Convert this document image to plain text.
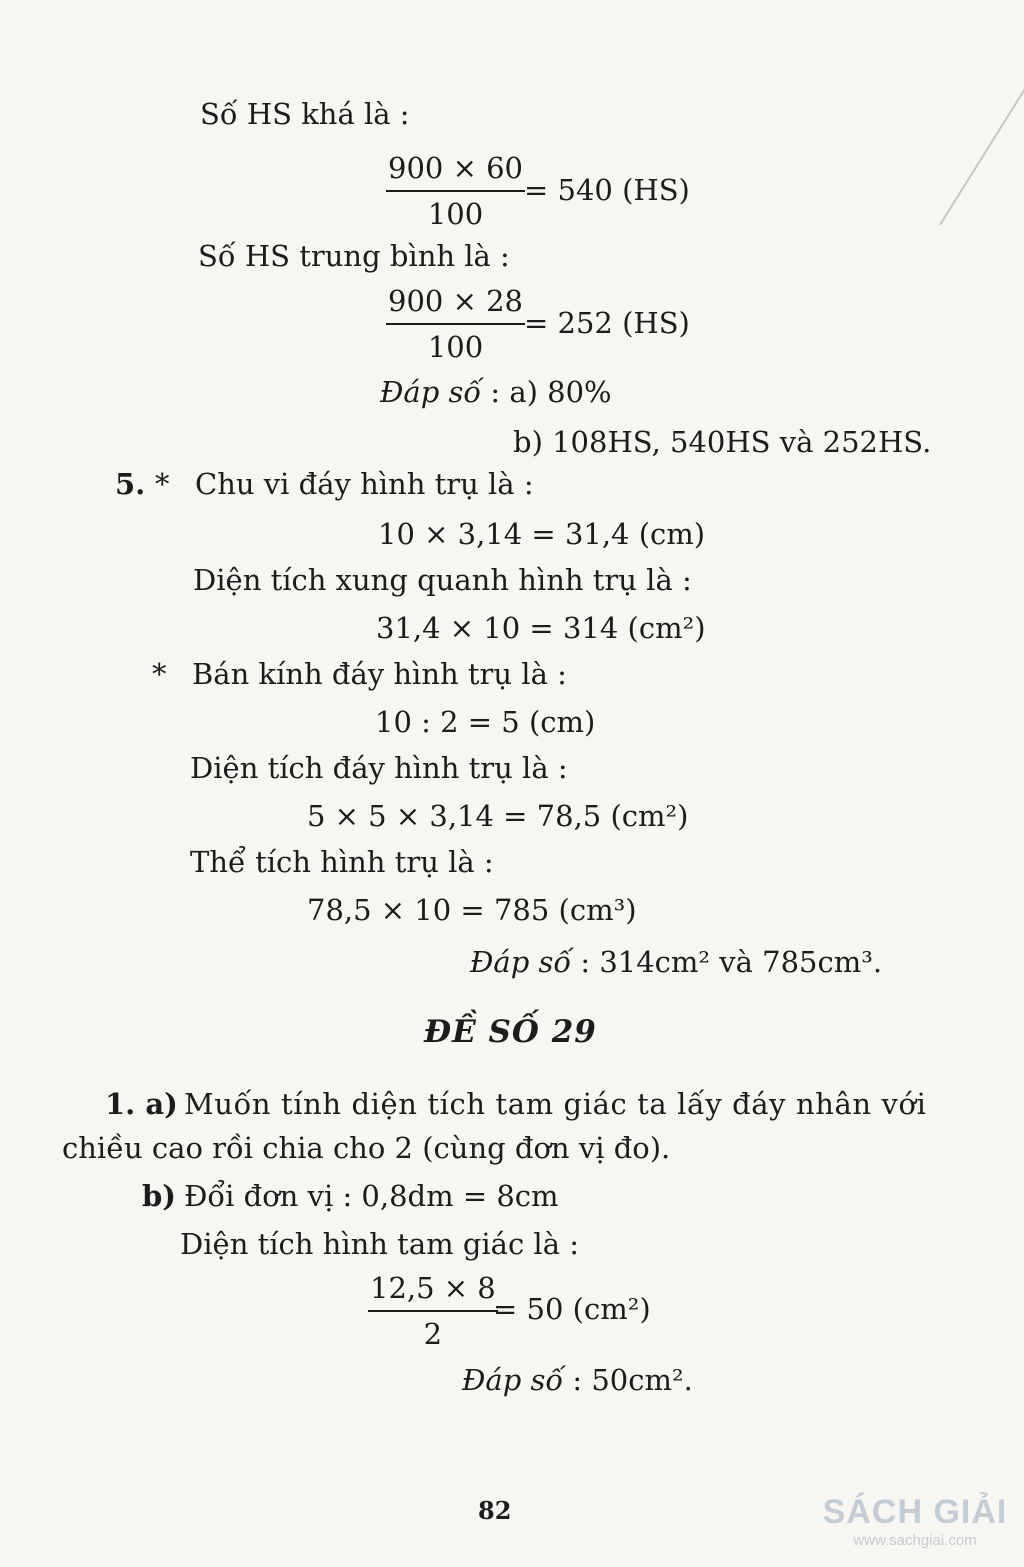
Số HS khá là :
$\frac{900 \times 60}{100} = 540$ (HS)
Số HS trung bình là :
$\frac{900 \times 28}{100} = 252$ (HS)
Đáp số : a) 80%
b) 108HS, 540HS và 252HS.
5. * Chu vi đáy hình trụ là :
10 × 3,14 = 31,4 (cm)
Diện tích xung quanh hình trụ là :
31,4 × 10 = 314 (cm²)
* Bán kính đáy hình trụ là :
10 : 2 = 5 (cm)
Diện tích đáy hình trụ là :
5 × 5 × 3,14 = 78,5 (cm²)
Thể tích hình trụ là :
78,5 × 10 = 785 (cm³)
Đáp số : 314cm² và 785cm³.
ĐỀ SỐ 29
1. a) Muốn tính diện tích tam giác ta lấy đáy nhân với
chiều cao rồi chia cho 2 (cùng đơn vị đo).
b) Đổi đơn vị : 0,8dm = 8cm
Diện tích hình tam giác là :
$\frac{12,5 \times 8}{2}$
= 50 (cm²)
Đáp số : 50cm².
82	SÁCH GIẢI
www.sachgiai.com
